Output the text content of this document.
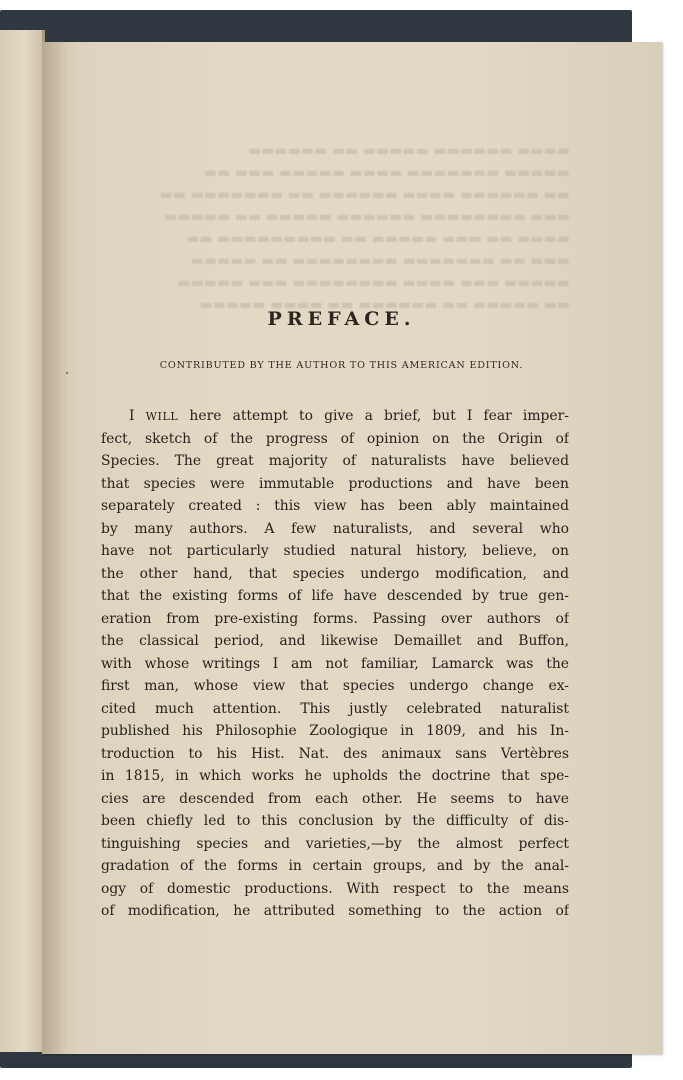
▬▬▬▬ ▬▬▬▬▬▬ ▬▬▬▬▬ ▬▬ ▬▬▬▬▬▬
▬▬▬▬▬ ▬▬▬▬▬▬▬ ▬▬▬▬ ▬▬▬▬▬ ▬▬▬ ▬▬
▬▬ ▬▬▬▬▬▬ ▬▬▬▬ ▬▬▬▬▬▬ ▬▬ ▬▬▬▬▬▬▬ ▬▬
▬▬▬ ▬▬▬▬▬▬▬▬ ▬▬▬▬▬▬ ▬▬▬▬▬ ▬▬ ▬▬▬▬▬
▬▬▬▬ ▬▬ ▬▬▬ ▬▬▬▬▬ ▬▬ ▬▬▬▬▬▬▬▬▬ ▬▬
▬▬▬ ▬▬ ▬▬▬▬▬▬▬ ▬▬▬▬▬▬▬▬ ▬▬ ▬▬▬▬▬
▬▬▬▬▬ ▬▬▬ ▬▬▬▬ ▬▬▬▬▬▬▬▬ ▬▬▬ ▬▬▬▬▬
▬▬ ▬▬▬▬▬ ▬▬ ▬▬▬▬▬▬ ▬▬ ▬▬▬▬ ▬▬▬▬▬
PREFACE.

CONTRIBUTED BY THE AUTHOR TO THIS AMERICAN EDITION.

I WILL here attempt to give a brief, but I fear imper-
fect, sketch of the progress of opinion on the Origin of
Species. The great majority of naturalists have believed
that species were immutable productions and have been
separately created : this view has been ably maintained
by many authors. A few naturalists, and several who
have not particularly studied natural history, believe, on
the other hand, that species undergo modification, and
that the existing forms of life have descended by true gen-
eration from pre-existing forms. Passing over authors of
the classical period, and likewise Demaillet and Buffon,
with whose writings I am not familiar, Lamarck was the
first man, whose view that species undergo change ex-
cited much attention. This justly celebrated naturalist
published his Philosophie Zoologique in 1809, and his In-
troduction to his Hist. Nat. des animaux sans Vertèbres
in 1815, in which works he upholds the doctrine that spe-
cies are descended from each other. He seems to have
been chiefly led to this conclusion by the difficulty of dis-
tinguishing species and varieties,—by the almost perfect
gradation of the forms in certain groups, and by the anal-
ogy of domestic productions. With respect to the means
of modification, he attributed something to the action of
